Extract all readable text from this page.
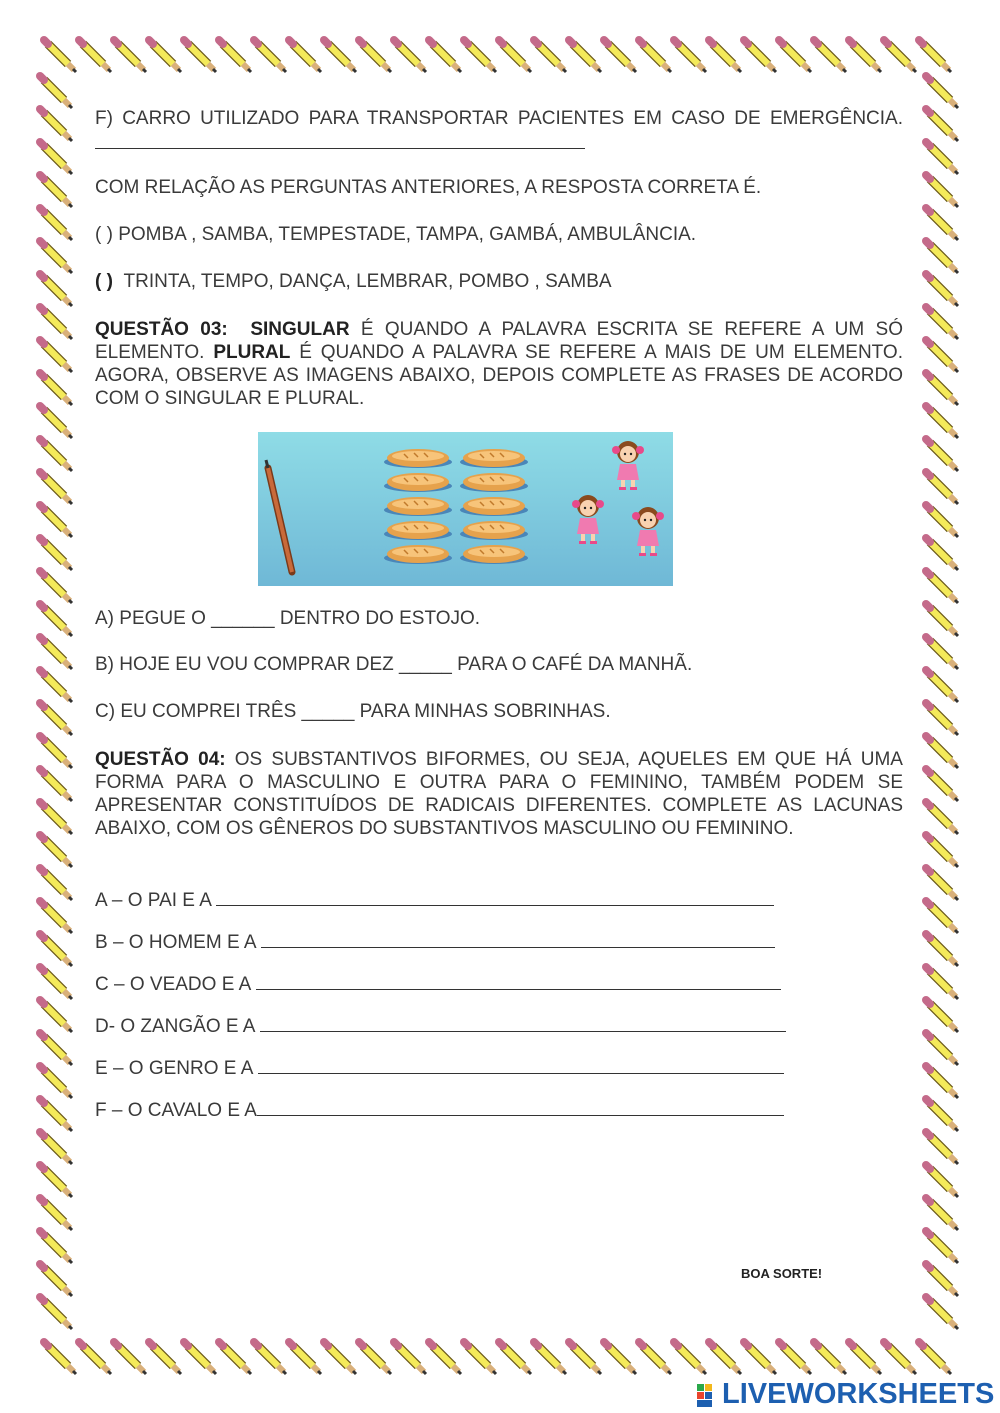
F) CARRO UTILIZADO PARA TRANSPORTAR PACIENTES EM CASO DE EMERGÊNCIA.
COM RELAÇÃO AS PERGUNTAS ANTERIORES, A RESPOSTA CORRETA É.
( ) POMBA , SAMBA, TEMPESTADE, TAMPA, GAMBÁ, AMBULÂNCIA.
( ) TRINTA, TEMPO, DANÇA, LEMBRAR, POMBO , SAMBA
QUESTÃO 03: SINGULAR É QUANDO A PALAVRA ESCRITA SE REFERE A UM SÓ ELEMENTO. PLURAL É QUANDO A PALAVRA SE REFERE A MAIS DE UM ELEMENTO. AGORA, OBSERVE AS IMAGENS ABAIXO, DEPOIS COMPLETE AS FRASES DE ACORDO COM O SINGULAR E PLURAL.
A) PEGUE O ______ DENTRO DO ESTOJO.
B) HOJE EU VOU COMPRAR DEZ _____ PARA O CAFÉ DA MANHÃ.
C) EU COMPREI TRÊS _____ PARA MINHAS SOBRINHAS.
QUESTÃO 04: OS SUBSTANTIVOS BIFORMES, OU SEJA, AQUELES EM QUE HÁ UMA FORMA PARA O MASCULINO E OUTRA PARA O FEMININO, TAMBÉM PODEM SE APRESENTAR CONSTITUÍDOS DE RADICAIS DIFERENTES. COMPLETE AS LACUNAS ABAIXO, COM OS GÊNEROS DO SUBSTANTIVOS MASCULINO OU FEMININO.
A – O PAI E A
B – O HOMEM E A
C – O VEADO E A
D- O ZANGÃO E A
E – O GENRO E A
F – O CAVALO E A
BOA SORTE!
LIVEWORKSHEETS
